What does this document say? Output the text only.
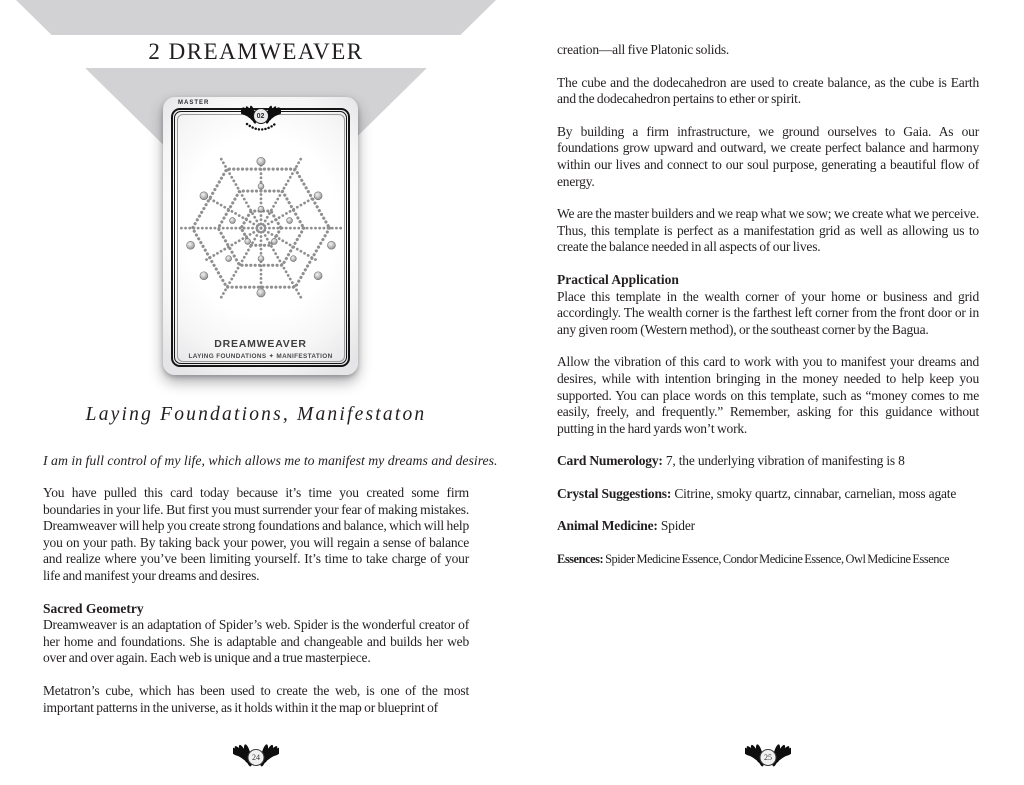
2 DREAMWEAVER
MASTER
02
DREAMWEAVER
LAYING FOUNDATIONS ✦ MANIFESTATION
Laying Foundations, Manifestaton

I am in full control of my life, which allows me to manifest my dreams and desires.

You have pulled this card today because it’s time you created some firm boundaries in your life. But first you must surrender your fear of making mistakes. Dreamweaver will help you create strong foundations and balance, which will help you on your path. By taking back your power, you will regain a sense of balance and realize where you’ve been limiting yourself. It’s time to take charge of your life and manifest your dreams and desires.

Sacred Geometry

Dreamweaver is an adaptation of Spider’s web. Spider is the wonderful creator of her home and foundations. She is adaptable and changeable and builds her web over and over again. Each web is unique and a true masterpiece.

Metatron’s cube, which has been used to create the web, is one of the most important patterns in the universe, as it holds within it the map or blueprint of

24

creation—all five Platonic solids.

The cube and the dodecahedron are used to create balance, as the cube is Earth and the dodecahedron pertains to ether or spirit.

By building a firm infrastructure, we ground ourselves to Gaia. As our foundations grow upward and outward, we create perfect balance and harmony within our lives and connect to our soul purpose, generating a beautiful flow of energy.

We are the master builders and we reap what we sow; we create what we perceive. Thus, this template is perfect as a manifestation grid as well as allowing us to create the balance needed in all aspects of our lives.

Practical Application

Place this template in the wealth corner of your home or business and grid accordingly. The wealth corner is the farthest left corner from the front door or in any given room (Western method), or the southeast corner by the Bagua.

Allow the vibration of this card to work with you to manifest your dreams and desires, while with intention bringing in the money needed to help keep you supported. You can place words on this template, such as “money comes to me easily, freely, and frequently.” Remember, asking for this guidance without putting in the hard yards won’t work.

Card Numerology: 7, the underlying vibration of manifesting is 8

Crystal Suggestions: Citrine, smoky quartz, cinnabar, carnelian, moss agate

Animal Medicine: Spider

Essences: Spider Medicine Essence, Condor Medicine Essence, Owl Medicine Essence

25
